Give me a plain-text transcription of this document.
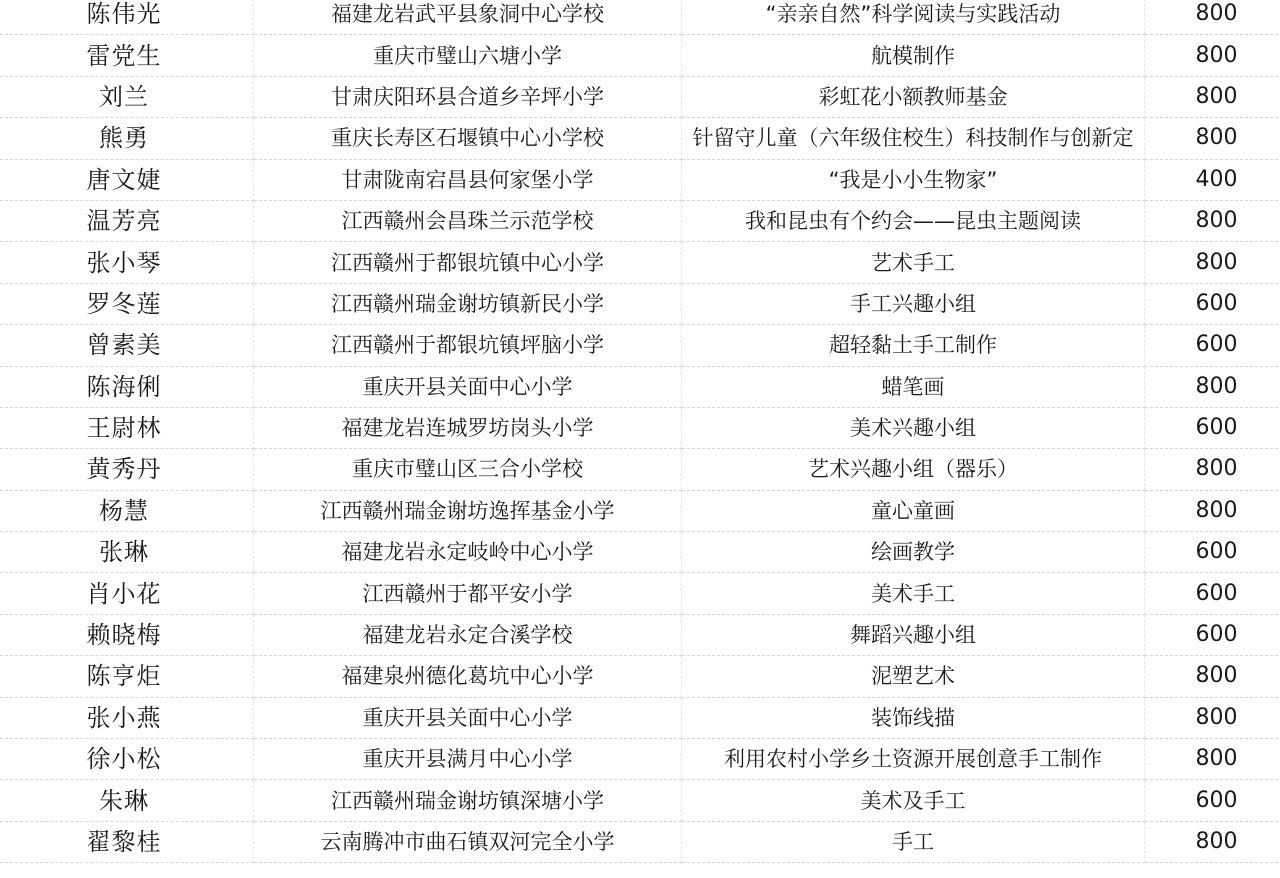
陈伟光	福建龙岩武平县象洞中心学校	“亲亲自然”科学阅读与实践活动	800
雷党生	重庆市璧山六塘小学	航模制作	800
刘兰	甘肃庆阳环县合道乡辛坪小学	彩虹花小额教师基金	800
熊勇	重庆长寿区石堰镇中心小学校	针留守儿童（六年级住校生）科技制作与创新定	800
唐文婕	甘肃陇南宕昌县何家堡小学	“我是小小生物家”	400
温芳亮	江西赣州会昌珠兰示范学校	我和昆虫有个约会——昆虫主题阅读	800
张小琴	江西赣州于都银坑镇中心小学	艺术手工	800
罗冬莲	江西赣州瑞金谢坊镇新民小学	手工兴趣小组	600
曾素美	江西赣州于都银坑镇坪脑小学	超轻黏土手工制作	600
陈海俐	重庆开县关面中心小学	蜡笔画	800
王尉林	福建龙岩连城罗坊岗头小学	美术兴趣小组	600
黄秀丹	重庆市璧山区三合小学校	艺术兴趣小组（器乐）	800
杨慧	江西赣州瑞金谢坊逸挥基金小学	童心童画	800
张琳	福建龙岩永定岐岭中心小学	绘画教学	600
肖小花	江西赣州于都平安小学	美术手工	600
赖晓梅	福建龙岩永定合溪学校	舞蹈兴趣小组	600
陈亨炬	福建泉州德化葛坑中心小学	泥塑艺术	800
张小燕	重庆开县关面中心小学	装饰线描	800
徐小松	重庆开县满月中心小学	利用农村小学乡土资源开展创意手工制作	800
朱琳	江西赣州瑞金谢坊镇深塘小学	美术及手工	600
翟黎桂	云南腾冲市曲石镇双河完全小学	手工	800
